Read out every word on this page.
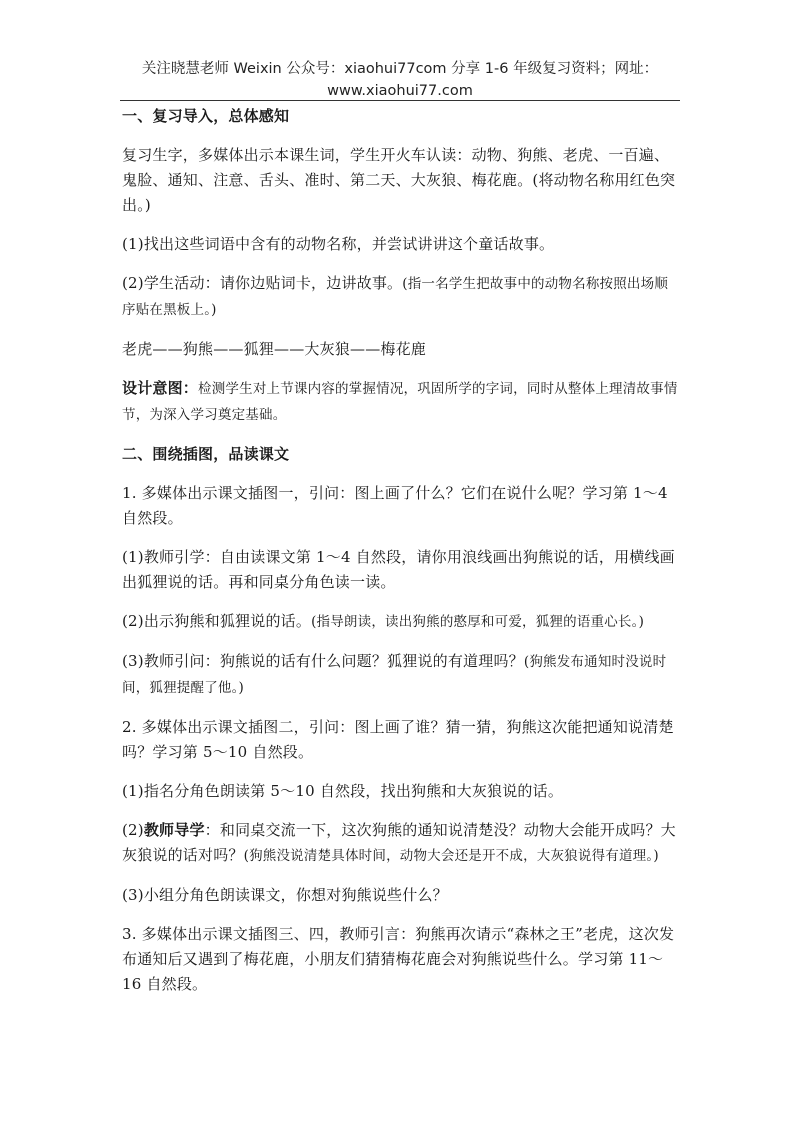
关注晓慧老师 Weixin 公众号：xiaohui77com 分享 1-6 年级复习资料；网址：
www.xiaohui77.com

一、复习导入，总体感知

复习生字，多媒体出示本课生词，学生开火车认读：动物、狗熊、老虎、一百遍、鬼脸、通知、注意、舌头、准时、第二天、大灰狼、梅花鹿。(将动物名称用红色突出。)

(1)找出这些词语中含有的动物名称，并尝试讲讲这个童话故事。

(2)学生活动：请你边贴词卡，边讲故事。(指一名学生把故事中的动物名称按照出场顺序贴在黑板上。)

老虎——狗熊——狐狸——大灰狼——梅花鹿

设计意图：检测学生对上节课内容的掌握情况，巩固所学的字词，同时从整体上理清故事情节，为深入学习奠定基础。

二、围绕插图，品读课文

1. 多媒体出示课文插图一，引问：图上画了什么？它们在说什么呢？学习第 1～4 自然段。

(1)教师引学：自由读课文第 1～4 自然段，请你用浪线画出狗熊说的话，用横线画出狐狸说的话。再和同桌分角色读一读。

(2)出示狗熊和狐狸说的话。(指导朗读，读出狗熊的憨厚和可爱，狐狸的语重心长。)

(3)教师引问：狗熊说的话有什么问题？狐狸说的有道理吗？(狗熊发布通知时没说时间，狐狸提醒了他。)

2. 多媒体出示课文插图二，引问：图上画了谁？猜一猜，狗熊这次能把通知说清楚吗？学习第 5～10 自然段。

(1)指名分角色朗读第 5～10 自然段，找出狗熊和大灰狼说的话。

(2)教师导学：和同桌交流一下，这次狗熊的通知说清楚没？动物大会能开成吗？大灰狼说的话对吗？(狗熊没说清楚具体时间，动物大会还是开不成，大灰狼说得有道理。)

(3)小组分角色朗读课文，你想对狗熊说些什么？

3. 多媒体出示课文插图三、四，教师引言：狗熊再次请示“森林之王”老虎，这次发布通知后又遇到了梅花鹿，小朋友们猜猜梅花鹿会对狗熊说些什么。学习第 11～16 自然段。
